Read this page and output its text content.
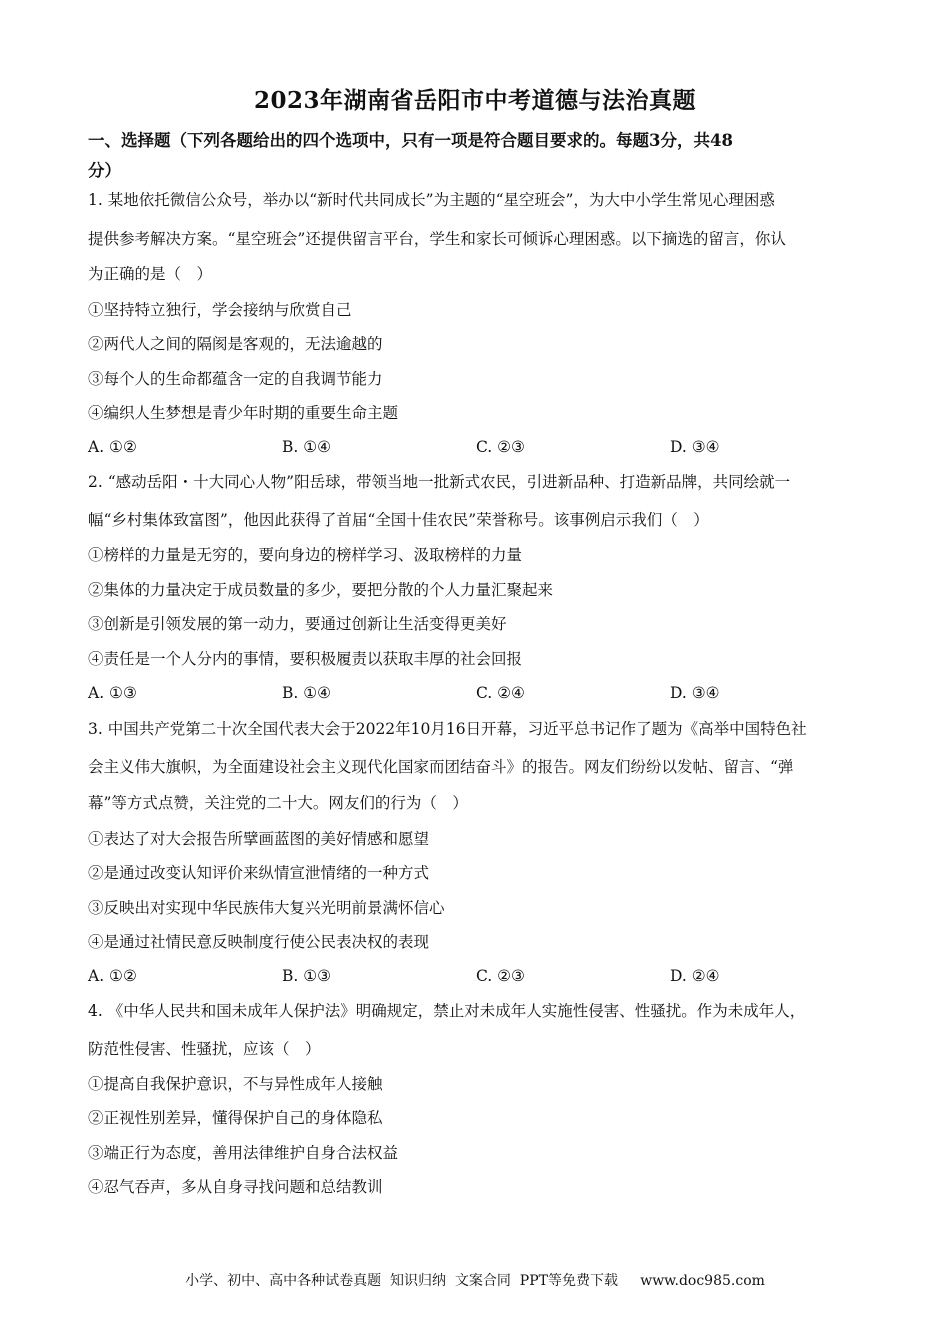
2023年湖南省岳阳市中考道德与法治真题
一、选择题（下列各题给出的四个选项中，只有一项是符合题目要求的。每题3分，共48
分）
1. 某地依托微信公众号，举办以“新时代共同成长”为主题的“星空班会”，为大中小学生常见心理困惑
提供参考解决方案。“星空班会”还提供留言平台，学生和家长可倾诉心理困惑。以下摘选的留言，你认
为正确的是（　）
①坚持特立独行，学会接纳与欣赏自己
②两代人之间的隔阂是客观的，无法逾越的
③每个人的生命都蕴含一定的自我调节能力
④编织人生梦想是青少年时期的重要生命主题
A. ①②	B. ①④	C. ②③	D. ③④
2. “感动岳阳・十大同心人物”阳岳球，带领当地一批新式农民，引进新品种、打造新品牌，共同绘就一
幅“乡村集体致富图”，他因此获得了首届“全国十佳农民”荣誉称号。该事例启示我们（　）
①榜样的力量是无穷的，要向身边的榜样学习、汲取榜样的力量
②集体的力量决定于成员数量的多少，要把分散的个人力量汇聚起来
③创新是引领发展的第一动力，要通过创新让生活变得更美好
④责任是一个人分内的事情，要积极履责以获取丰厚的社会回报
A. ①③	B. ①④	C. ②④	D. ③④
3. 中国共产党第二十次全国代表大会于2022年10月16日开幕，习近平总书记作了题为《高举中国特色社
会主义伟大旗帜，为全面建设社会主义现代化国家而团结奋斗》的报告。网友们纷纷以发帖、留言、“弹
幕”等方式点赞，关注党的二十大。网友们的行为（　）
①表达了对大会报告所擘画蓝图的美好情感和愿望
②是通过改变认知评价来纵情宣泄情绪的一种方式
③反映出对实现中华民族伟大复兴光明前景满怀信心
④是通过社情民意反映制度行使公民表决权的表现
A. ①②	B. ①③	C. ②③	D. ②④
4. 《中华人民共和国未成年人保护法》明确规定，禁止对未成年人实施性侵害、性骚扰。作为未成年人，
防范性侵害、性骚扰，应该（　）
①提高自我保护意识，不与异性成年人接触
②正视性别差异，懂得保护自己的身体隐私
③端正行为态度，善用法律维护自身合法权益
④忍气吞声，多从自身寻找问题和总结教训
小学、初中、高中各种试卷真题  知识归纳  文案合同  PPT等免费下载     www.doc985.com
